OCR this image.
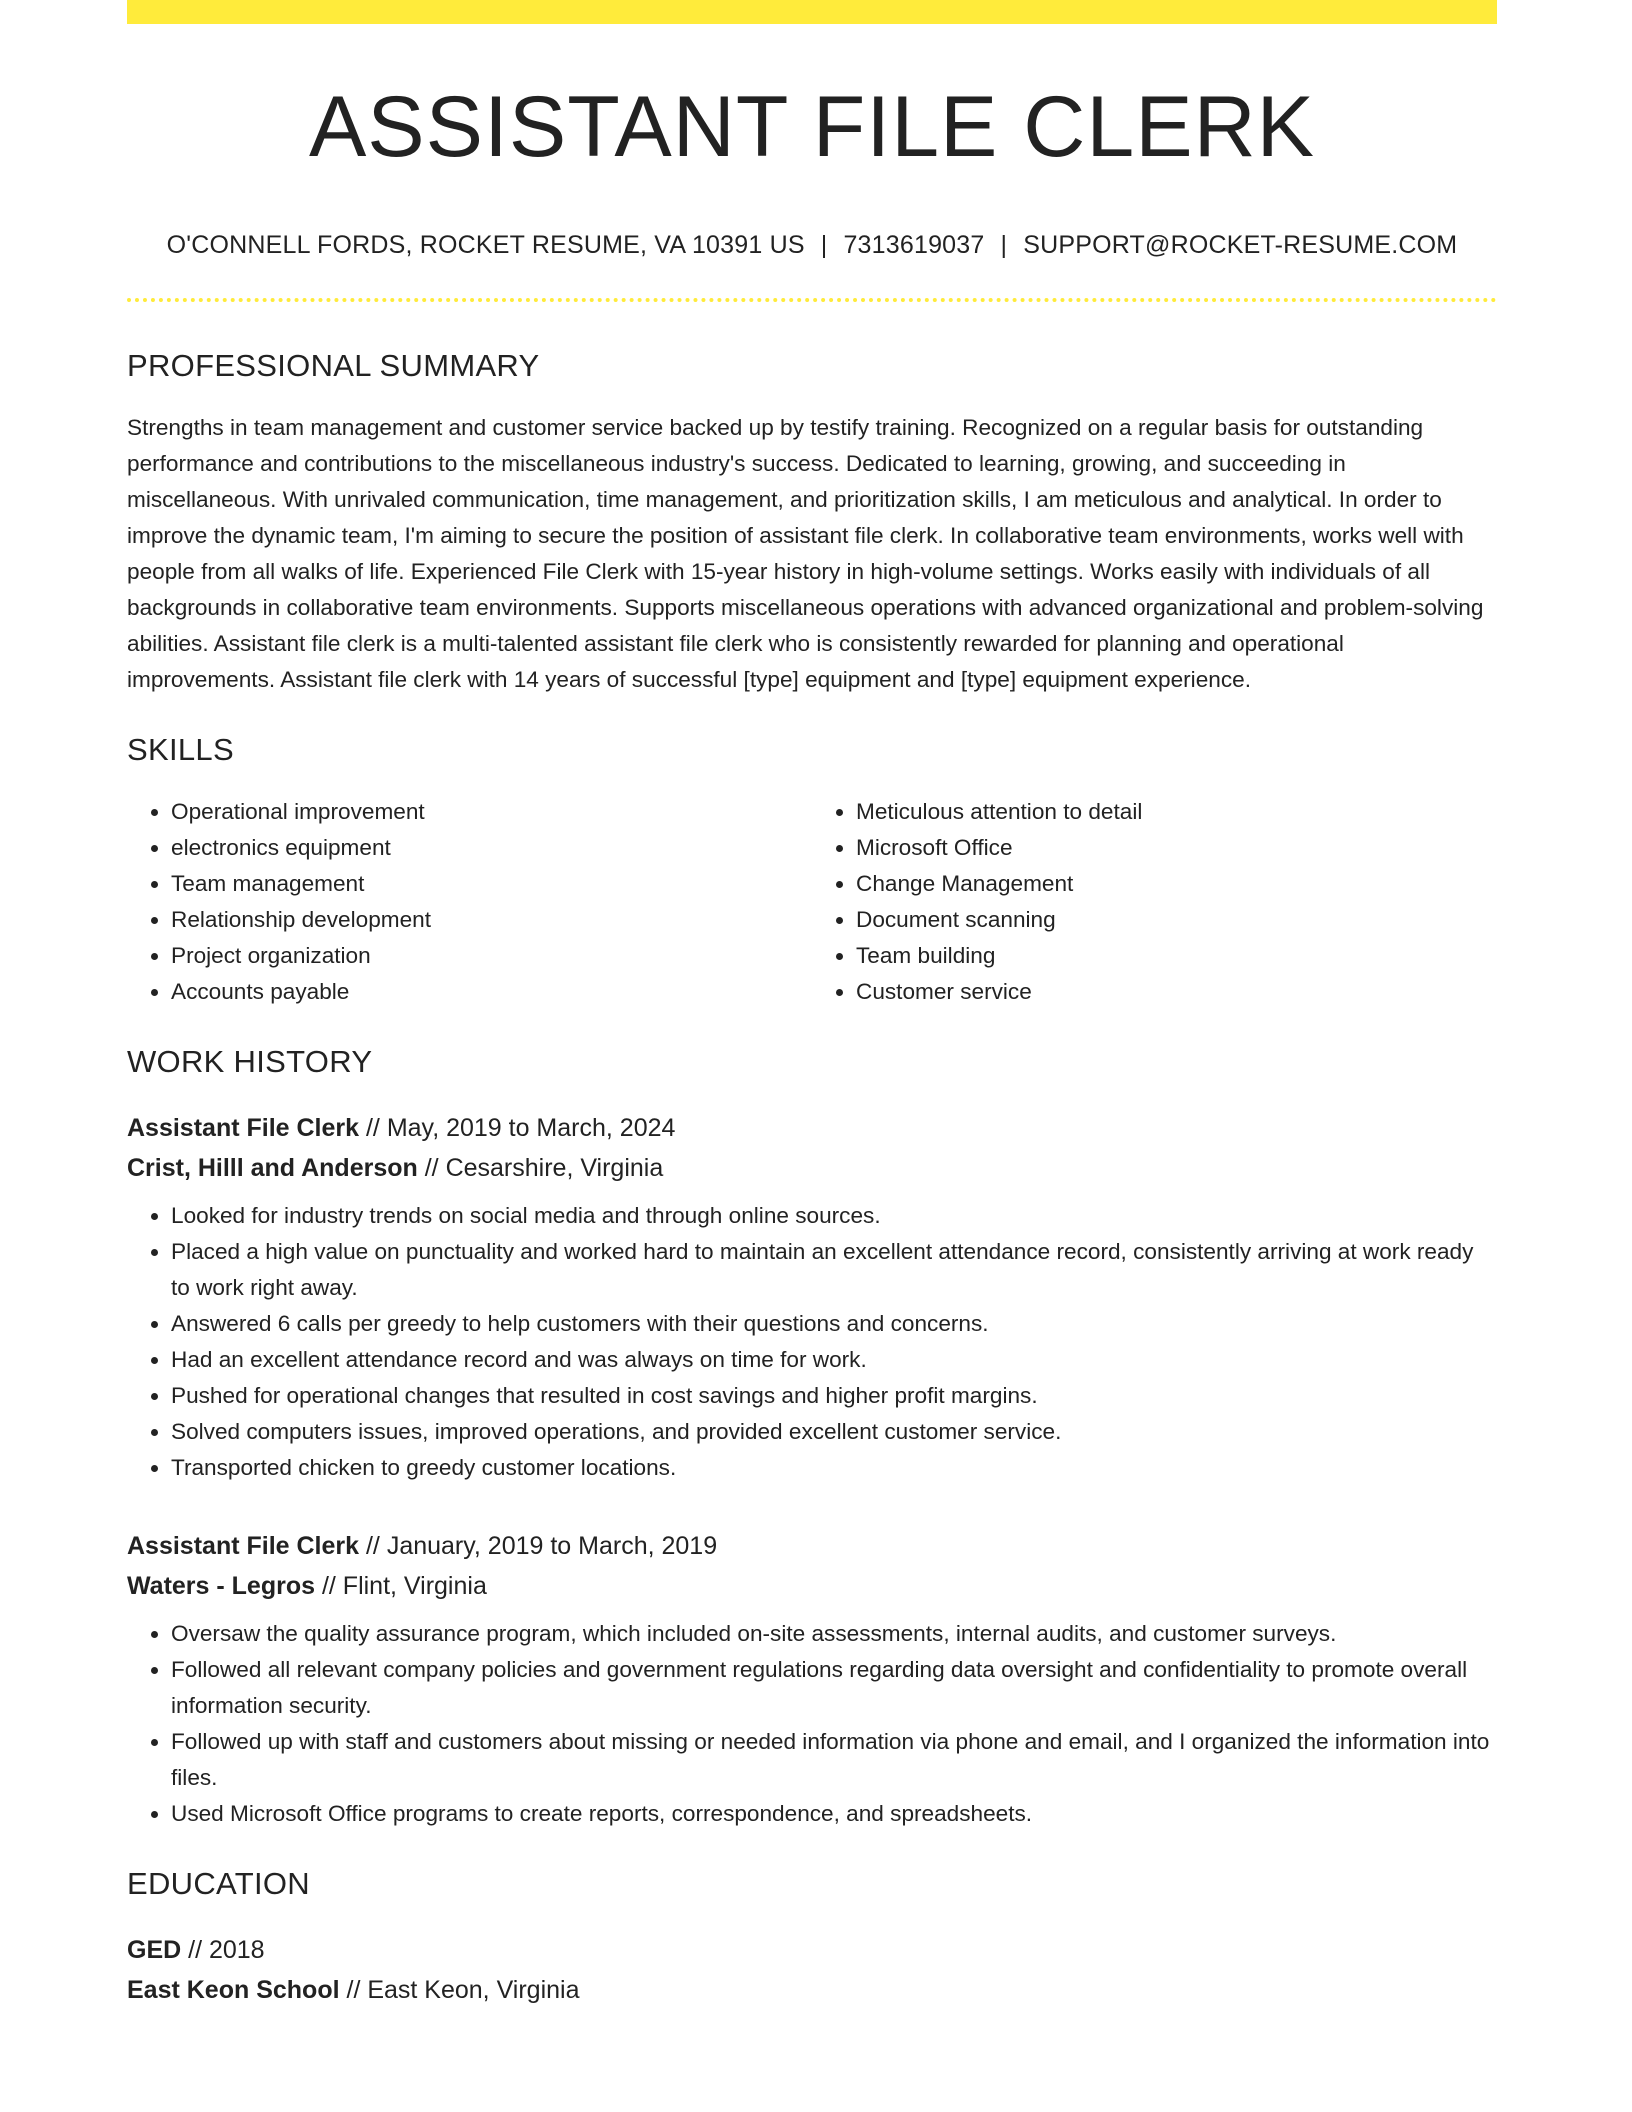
ASSISTANT FILE CLERK
O'CONNELL FORDS, ROCKET RESUME, VA 10391 US | 7313619037 | SUPPORT@ROCKET-RESUME.COM
PROFESSIONAL SUMMARY

Strengths in team management and customer service backed up by testify training. Recognized on a regular basis for outstanding performance and contributions to the miscellaneous industry's success. Dedicated to learning, growing, and succeeding in miscellaneous. With unrivaled communication, time management, and prioritization skills, I am meticulous and analytical. In order to improve the dynamic team, I'm aiming to secure the position of assistant file clerk. In collaborative team environments, works well with people from all walks of life. Experienced File Clerk with 15-year history in high-volume settings. Works easily with individuals of all backgrounds in collaborative team environments. Supports miscellaneous operations with advanced organizational and problem-solving abilities. Assistant file clerk is a multi-talented assistant file clerk who is consistently rewarded for planning and operational improvements. Assistant file clerk with 14 years of successful [type] equipment and [type] equipment experience.

SKILLS
• Operational improvement
• electronics equipment
• Team management
• Relationship development
• Project organization
• Accounts payable
• Meticulous attention to detail
• Microsoft Office
• Change Management
• Document scanning
• Team building
• Customer service
WORK HISTORY
Assistant File Clerk // May, 2019 to March, 2024
Crist, Hilll and Anderson // Cesarshire, Virginia
• Looked for industry trends on social media and through online sources.
• Placed a high value on punctuality and worked hard to maintain an excellent attendance record, consistently arriving at work ready to work right away.
• Answered 6 calls per greedy to help customers with their questions and concerns.
• Had an excellent attendance record and was always on time for work.
• Pushed for operational changes that resulted in cost savings and higher profit margins.
• Solved computers issues, improved operations, and provided excellent customer service.
• Transported chicken to greedy customer locations.
Assistant File Clerk // January, 2019 to March, 2019
Waters - Legros // Flint, Virginia
• Oversaw the quality assurance program, which included on-site assessments, internal audits, and customer surveys.
• Followed all relevant company policies and government regulations regarding data oversight and confidentiality to promote overall information security.
• Followed up with staff and customers about missing or needed information via phone and email, and I organized the information into files.
• Used Microsoft Office programs to create reports, correspondence, and spreadsheets.
EDUCATION
GED // 2018
East Keon School // East Keon, Virginia
